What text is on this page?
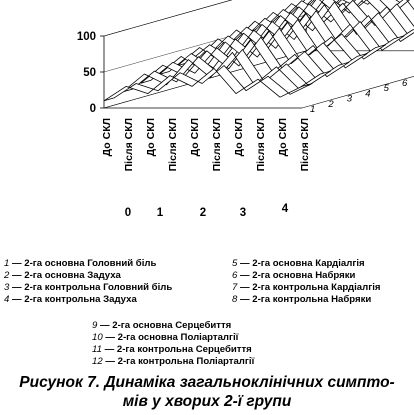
0
50
100
6
5
4
3
2
1
До СКЛ Після СКЛ До СКЛ Після СКЛ До СКЛ Після СКЛ До СКЛ Після СКЛ До СКЛ Після СКЛ
0 1	2	3	4
1 — 2-га основна Головний біль
2 — 2-га основна Задуха
3 — 2-га контрольна Головний біль
4 — 2-га контрольна Задуха
5 — 2-га основна Кардіалгія
6 — 2-га основна Набряки
7 — 2-га контрольна Кардіалгія
8 — 2-га контрольна Набряки
9 — 2-га основна Серцебиття
10 — 2-га основна Поліарталгії
11 — 2-га контрольна Серцебиття
12 — 2-га контрольна Поліарталгії
Рисунок 7. Динаміка загальноклінічних симпто-
мів у хворих 2-ї групи
